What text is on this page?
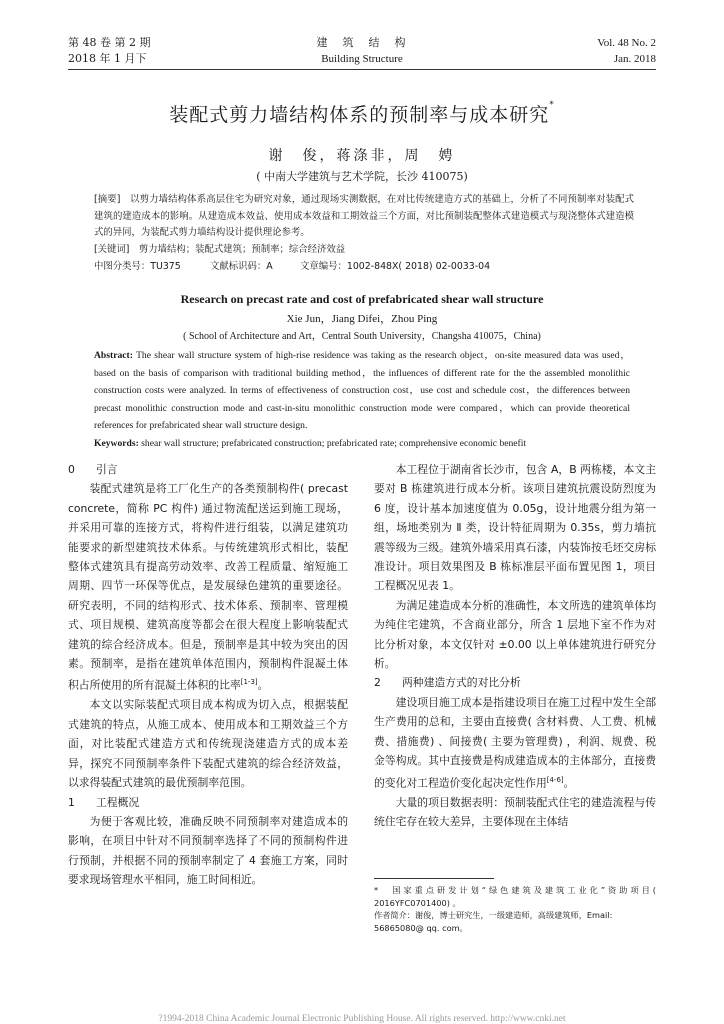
第 48 卷 第 2 期
2018 年 1 月下
建　筑　结　构
Building Structure
Vol. 48 No. 2
Jan. 2018
装配式剪力墙结构体系的预制率与成本研究*
谢　俊，蒋涤非，周　娉
( 中南大学建筑与艺术学院，长沙 410075)
[摘要]　 以剪力墙结构体系高层住宅为研究对象，通过现场实测数据，在对比传统建造方式的基础上，分析了不同预制率对装配式建筑的建造成本的影响。从建造成本效益、使用成本效益和工期效益三个方面，对比预制装配整体式建造模式与现浇整体式建造模式的异同，为装配式剪力墙结构设计提供理论参考。
[关键词]　 剪力墙结构；装配式建筑；预制率；综合经济效益
中图分类号：TU375	文献标识码：A	文章编号：1002-848X( 2018) 02-0033-04
Research on precast rate and cost of prefabricated shear wall structure
Xie Jun，Jiang Difei，Zhou Ping
( School of Architecture and Art，Central South University，Changsha 410075，China)
Abstract: The shear wall structure system of high-rise residence was taking as the research object，on-site measured data was used，based on the basis of comparison with traditional building method，the influences of different rate for the the assembled monolithic construction costs were analyzed. In terms of effectiveness of construction cost，use cost and schedule cost，the differences between precast monolithic construction mode and cast-in-situ monolithic construction mode were compared，which can provide theoretical references for prefabricated shear wall structure design.
Keywords: shear wall structure; prefabricated construction; prefabricated rate; comprehensive economic benefit

0 引言

装配式建筑是将工厂化生产的各类预制构件( precast concrete，简称 PC 构件) 通过物流配送运到施工现场，并采用可靠的连接方式，将构件进行组装，以满足建筑功能要求的新型建筑技术体系。与传统建筑形式相比，装配整体式建筑具有提高劳动效率、改善工程质量、缩短施工周期、四节一环保等优点，是发展绿色建筑的重要途径。研究表明，不同的结构形式、技术体系、预制率、管理模式、项目规模、建筑高度等都会在很大程度上影响装配式建筑的综合经济成本。但是，预制率是其中较为突出的因素。预制率，是指在建筑单体范围内，预制构件混凝土体积占所使用的所有混凝土体积的比率[1-3]。

本文以实际装配式项目成本构成为切入点，根据装配式建筑的特点，从施工成本、使用成本和工期效益三个方面，对比装配式建造方式和传统现浇建造方式的成本差异，探究不同预制率条件下装配式建筑的综合经济效益，以求得装配式建筑的最优预制率范围。

1 工程概况

为便于客观比较，准确反映不同预制率对建造成本的影响，在项目中针对不同预制率选择了不同的预制构件进行预制，并根据不同的预制率制定了 4 套施工方案，同时要求现场管理水平相同，施工时间相近。

本工程位于湖南省长沙市，包含 A，B 两栋楼，本文主要对 B 栋建筑进行成本分析。该项目建筑抗震设防烈度为 6 度，设计基本加速度值为 0.05g，设计地震分组为第一组，场地类别为 Ⅱ 类，设计特征周期为 0.35s，剪力墙抗震等级为三级。建筑外墙采用真石漆，内装饰按毛坯交房标准设计。项目效果图及 B 栋标准层平面布置见图 1，项目工程概况见表 1。

为满足建造成本分析的准确性，本文所选的建筑单体均为纯住宅建筑，不含商业部分，所含 1 层地下室不作为对比分析对象，本文仅针对 ±0.00 以上单体建筑进行研究分析。

2 两种建造方式的对比分析

建设项目施工成本是指建设项目在施工过程中发生全部生产费用的总和，主要由直接费( 含材料费、人工费、机械费、措施费) 、间接费( 主要为管理费) ，利润、规费、税金等构成。其中直接费是构成建造成本的主体部分，直接费的变化对工程造价变化起决定性作用[4-6]。

大量的项目数据表明：预制装配式住宅的建造流程与传统住宅存在较大差异，主要体现在主体结

*　 国家重点研发计划“绿色建筑及建筑工业化”资助项目( 2016YFC0701400) 。
作者简介：谢俊，博士研究生，一级建造师，高级建筑师，Email:
56865080@ qq. com。
?1994-2018 China Academic Journal Electronic Publishing House. All rights reserved. http://www.cnki.net
